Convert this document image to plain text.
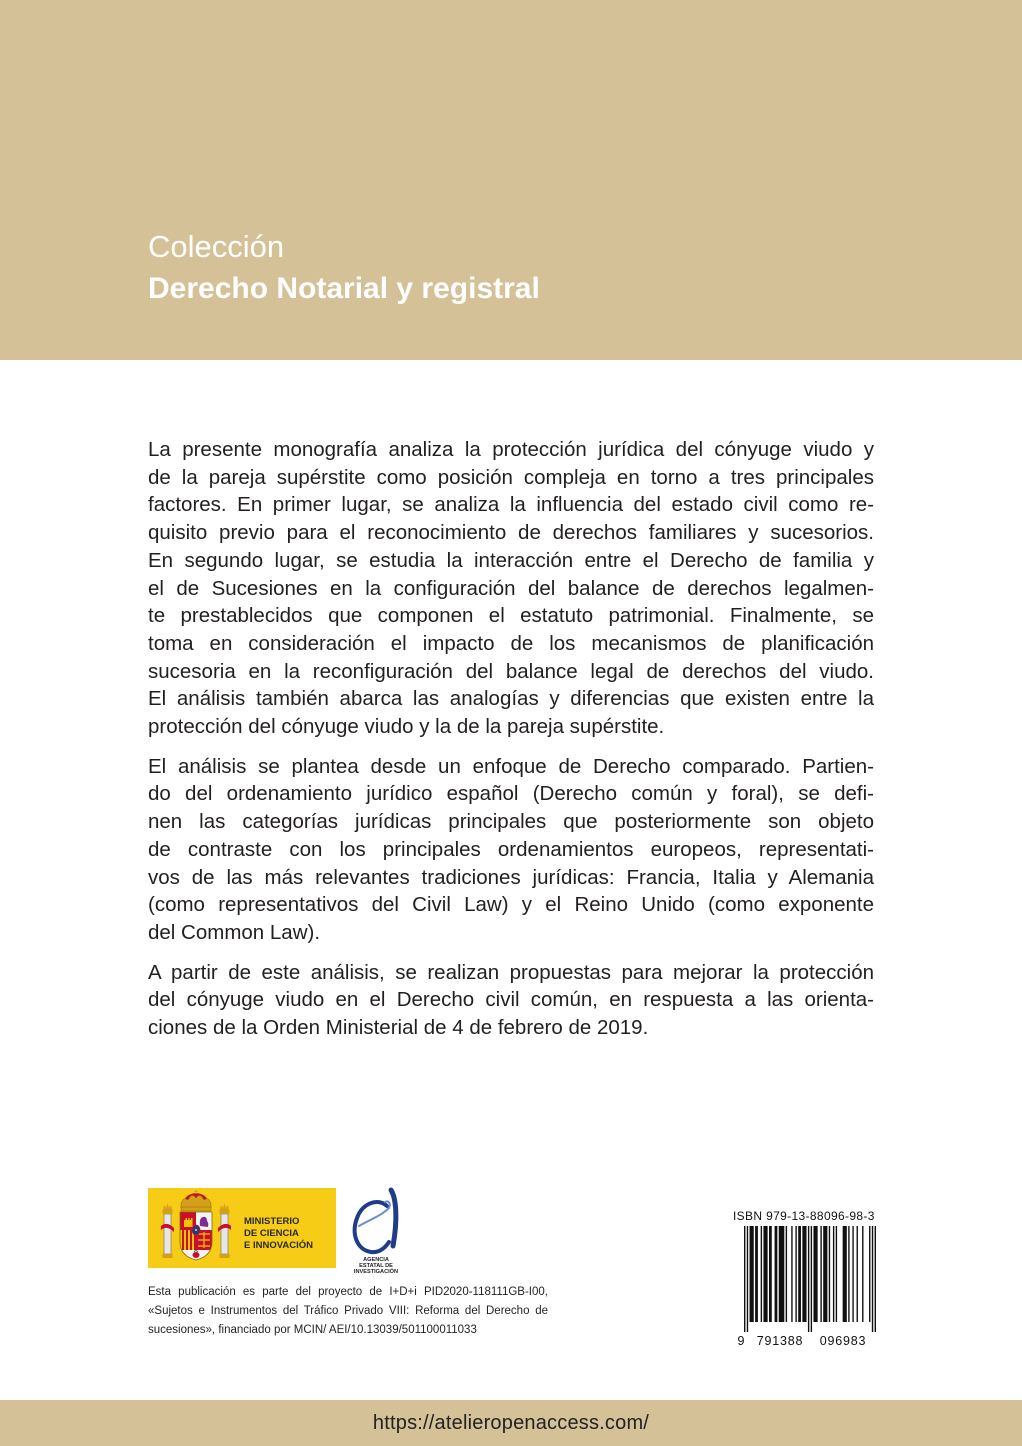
Colección
Derecho Notarial y registral

La presente monografía analiza la protección jurídica del cónyuge viudo y
de la pareja supérstite como posición compleja en torno a tres principales
factores. En primer lugar, se analiza la influencia del estado civil como re-
quisito previo para el reconocimiento de derechos familiares y sucesorios.
En segundo lugar, se estudia la interacción entre el Derecho de familia y
el de Sucesiones en la configuración del balance de derechos legalmen-
te prestablecidos que componen el estatuto patrimonial. Finalmente, se
toma en consideración el impacto de los mecanismos de planificación
sucesoria en la reconfiguración del balance legal de derechos del viudo.
El análisis también abarca las analogías y diferencias que existen entre la
protección del cónyuge viudo y la de la pareja supérstite.

El análisis se plantea desde un enfoque de Derecho comparado. Partien-
do del ordenamiento jurídico español (Derecho común y foral), se defi-
nen las categorías jurídicas principales que posteriormente son objeto
de contraste con los principales ordenamientos europeos, representati-
vos de las más relevantes tradiciones jurídicas: Francia, Italia y Alemania
(como representativos del Civil Law) y el Reino Unido (como exponente
del Common Law).

A partir de este análisis, se realizan propuestas para mejorar la protección
del cónyuge viudo en el Derecho civil común, en respuesta a las orienta-
ciones de la Orden Ministerial de 4 de febrero de 2019.

MINISTERIO
DE CIENCIA
E INNOVACIÓN
AGENCIA
ESTATAL DE
INVESTIGACIÓN
Esta publicación es parte del proyecto de I+D+i PID2020-118111GB-I00,
«Sujetos e Instrumentos del Tráfico Privado VIII: Reforma del Derecho de
sucesiones», financiado por MCIN/ AEI/10.13039/501100011033
ISBN 979-13-88096-98-3
9 791388 096983
https://atelieropenaccess.com/
